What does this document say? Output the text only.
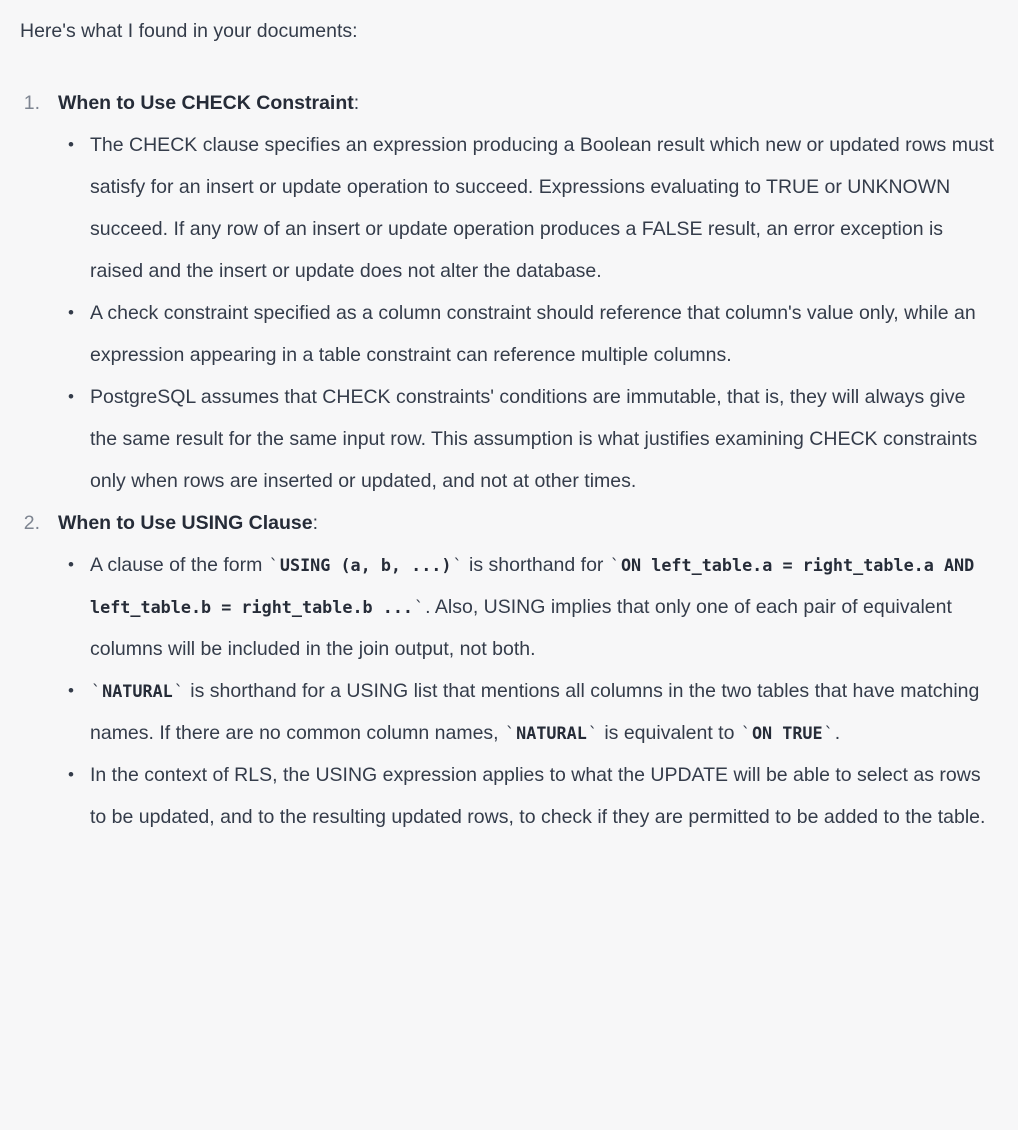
Here's what I found in your documents:

1. When to Use CHECK Constraint:
• The CHECK clause specifies an expression producing a Boolean result which new or updated rows must satisfy for an insert or update operation to succeed. Expressions evaluating to TRUE or UNKNOWN succeed. If any row of an insert or update operation produces a FALSE result, an error exception is raised and the insert or update does not alter the database.
• A check constraint specified as a column constraint should reference that column's value only, while an expression appearing in a table constraint can reference multiple columns.
• PostgreSQL assumes that CHECK constraints' conditions are immutable, that is, they will always give the same result for the same input row. This assumption is what justifies examining CHECK constraints only when rows are inserted or updated, and not at other times.
2. When to Use USING Clause:
• A clause of the form `USING (a, b, ...)` is shorthand for `ON left_table.a = right_table.a AND left_table.b = right_table.b ...`. Also, USING implies that only one of each pair of equivalent columns will be included in the join output, not both.
•	`NATURAL` is shorthand for a USING list that mentions all columns in the two tables that have matching names. If there are no common column names, `NATURAL` is equivalent to `ON TRUE`.
• In the context of RLS, the USING expression applies to what the UPDATE will be able to select as rows to be updated, and to the resulting updated rows, to check if they are permitted to be added to the table.
